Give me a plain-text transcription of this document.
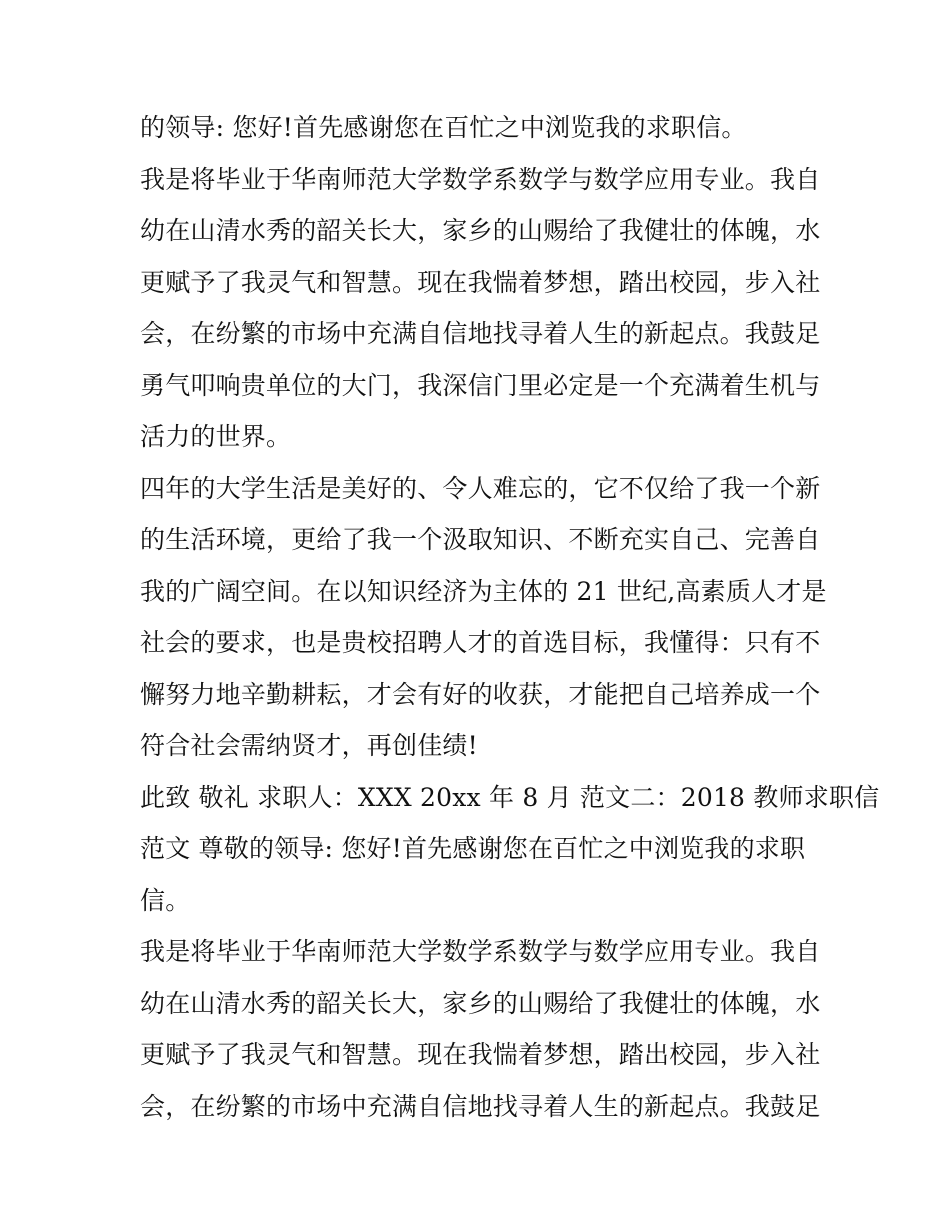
的领导: 您好!首先感谢您在百忙之中浏览我的求职信。
我是将毕业于华南师范大学数学系数学与数学应用专业。我自
幼在山清水秀的韶关长大，家乡的山赐给了我健壮的体魄，水
更赋予了我灵气和智慧。现在我惴着梦想，踏出校园，步入社
会，在纷繁的市场中充满自信地找寻着人生的新起点。我鼓足
勇气叩响贵单位的大门，我深信门里必定是一个充满着生机与
活力的世界。
四年的大学生活是美好的、令人难忘的，它不仅给了我一个新
的生活环境，更给了我一个汲取知识、不断充实自己、完善自
我的广阔空间。在以知识经济为主体的 21 世纪,高素质人才是
社会的要求，也是贵校招聘人才的首选目标，我懂得：只有不
懈努力地辛勤耕耘，才会有好的收获，才能把自己培养成一个
符合社会需纳贤才，再创佳绩!
此致 敬礼 求职人：XXX 20xx 年 8 月 范文二：2018 教师求职信
范文 尊敬的领导: 您好!首先感谢您在百忙之中浏览我的求职
信。
我是将毕业于华南师范大学数学系数学与数学应用专业。我自
幼在山清水秀的韶关长大，家乡的山赐给了我健壮的体魄，水
更赋予了我灵气和智慧。现在我惴着梦想，踏出校园，步入社
会，在纷繁的市场中充满自信地找寻着人生的新起点。我鼓足
